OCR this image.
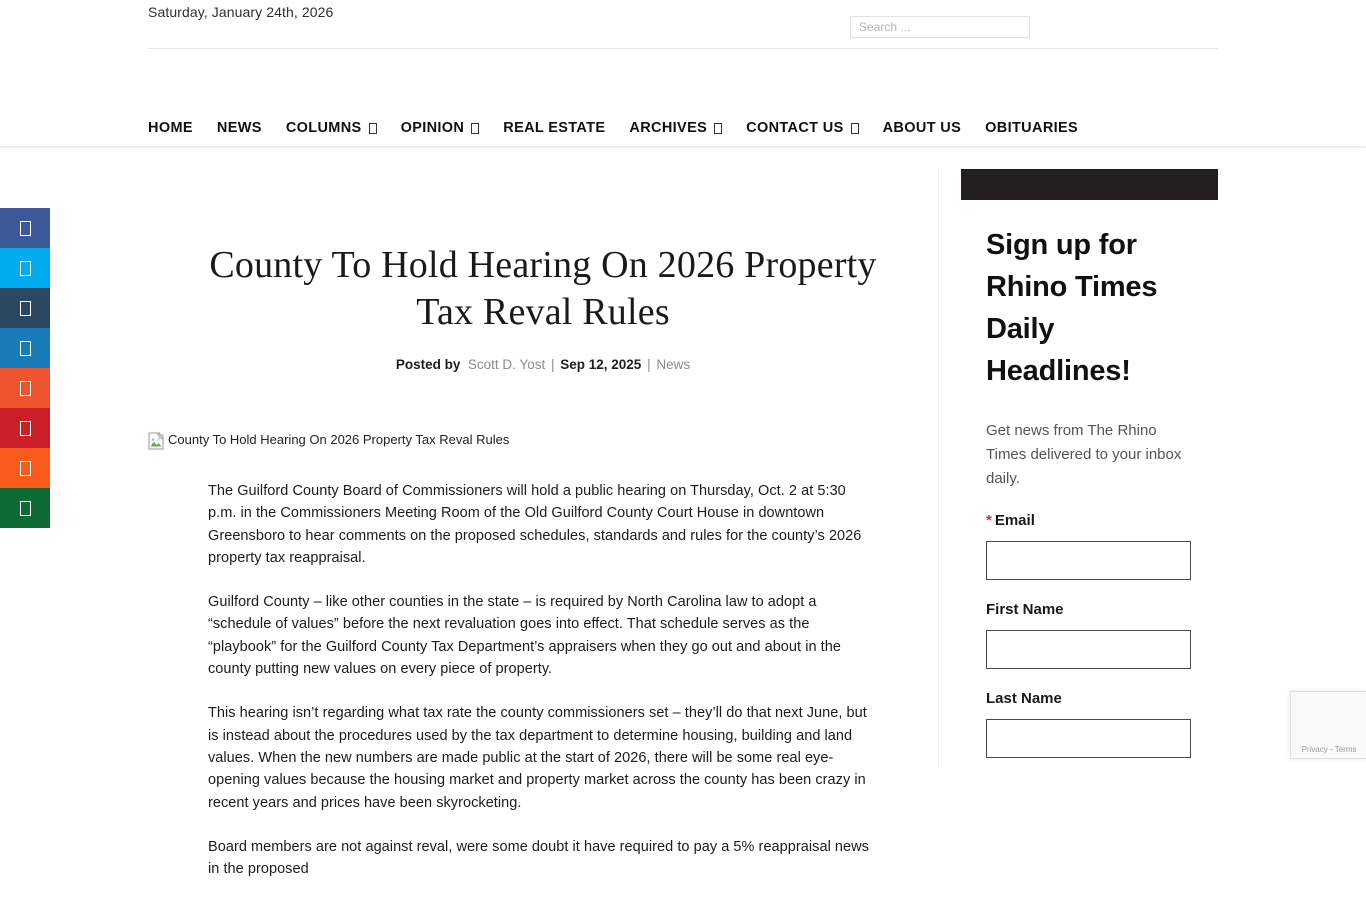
Saturday, January 24th, 2026
Search ...
HOME NEWS COLUMNS	OPINION	REAL ESTATE ARCHIVES	CONTACT US	ABOUT US OBITUARIES
County To Hold Hearing On 2026 Property Tax Reval Rules
Posted by Scott D. Yost | Sep 12, 2025 | News
County To Hold Hearing On 2026 Property Tax Reval Rules

The Guilford County Board of Commissioners will hold a public hearing on Thursday, Oct. 2 at 5:30 p.m. in the Commissioners Meeting Room of the Old Guilford County Court House in downtown Greensboro to hear comments on the proposed schedules, standards and rules for the county’s 2026 property tax reappraisal.

Guilford County – like other counties in the state – is required by North Carolina law to adopt a “schedule of values” before the next revaluation goes into effect. That schedule serves as the “playbook” for the Guilford County Tax Department’s appraisers when they go out and about in the county putting new values on every piece of property.

This hearing isn’t regarding what tax rate the county commissioners set – they’ll do that next June, but is instead about the procedures used by the tax department to determine housing, building and land values. When the new numbers are made public at the start of 2026, there will be some real eye-opening values because the housing market and property market across the county has been crazy in recent years and prices have been skyrocketing.

Board members are not against reval, were some doubt it have required to pay a 5% reappraisal news in the proposed

Sign up for Rhino Times Daily Headlines!
Get news from The Rhino Times delivered to your inbox daily.
* Email
First Name
Last Name
Privacy - Terms
